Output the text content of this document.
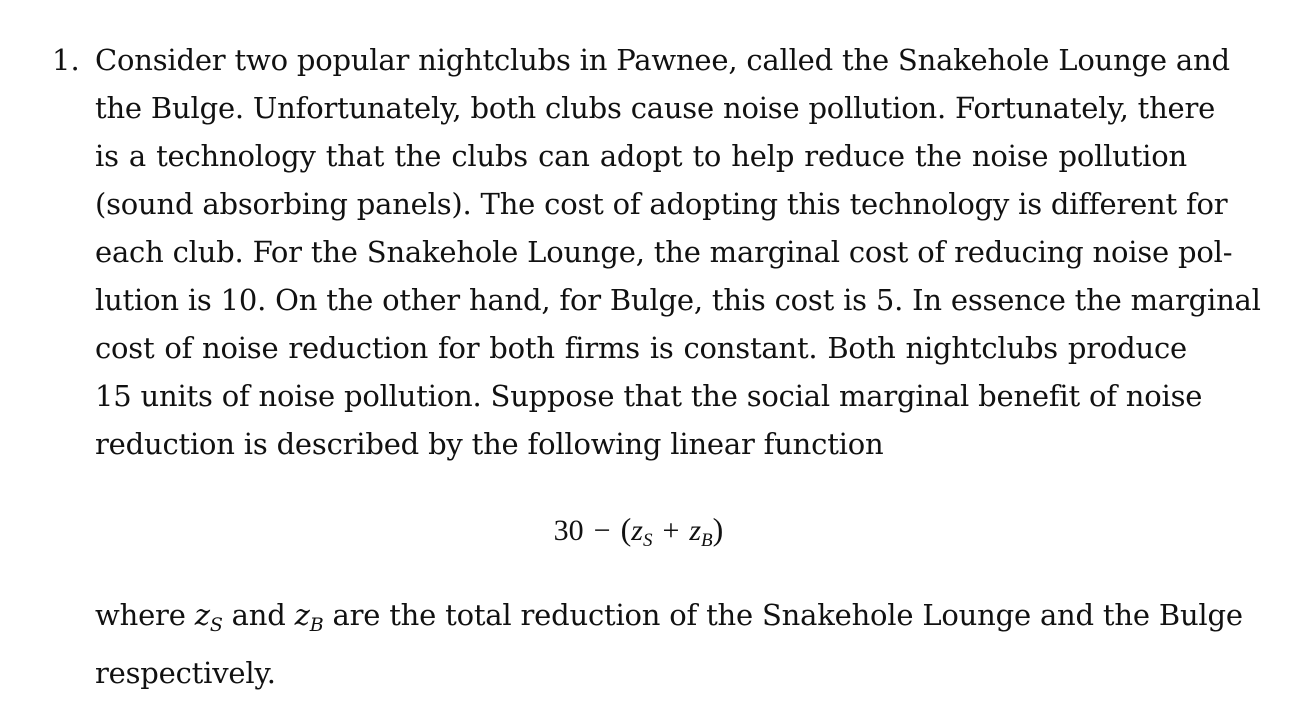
1. Consider two popular nightclubs in Pawnee, called the Snakehole Lounge and
the Bulge. Unfortunately, both clubs cause noise pollution. Fortunately, there
is a technology that the clubs can adopt to help reduce the noise pollution
(sound absorbing panels). The cost of adopting this technology is different for
each club. For the Snakehole Lounge, the marginal cost of reducing noise pol-
lution is 10. On the other hand, for Bulge, this cost is 5. In essence the marginal
cost of noise reduction for both firms is constant. Both nightclubs produce
15 units of noise pollution. Suppose that the social marginal benefit of noise
reduction is described by the following linear function
$30 - (z_S + z_B)$
where $z_S$ and $z_B$ are the total reduction of the Snakehole Lounge and the Bulge
respectively.
